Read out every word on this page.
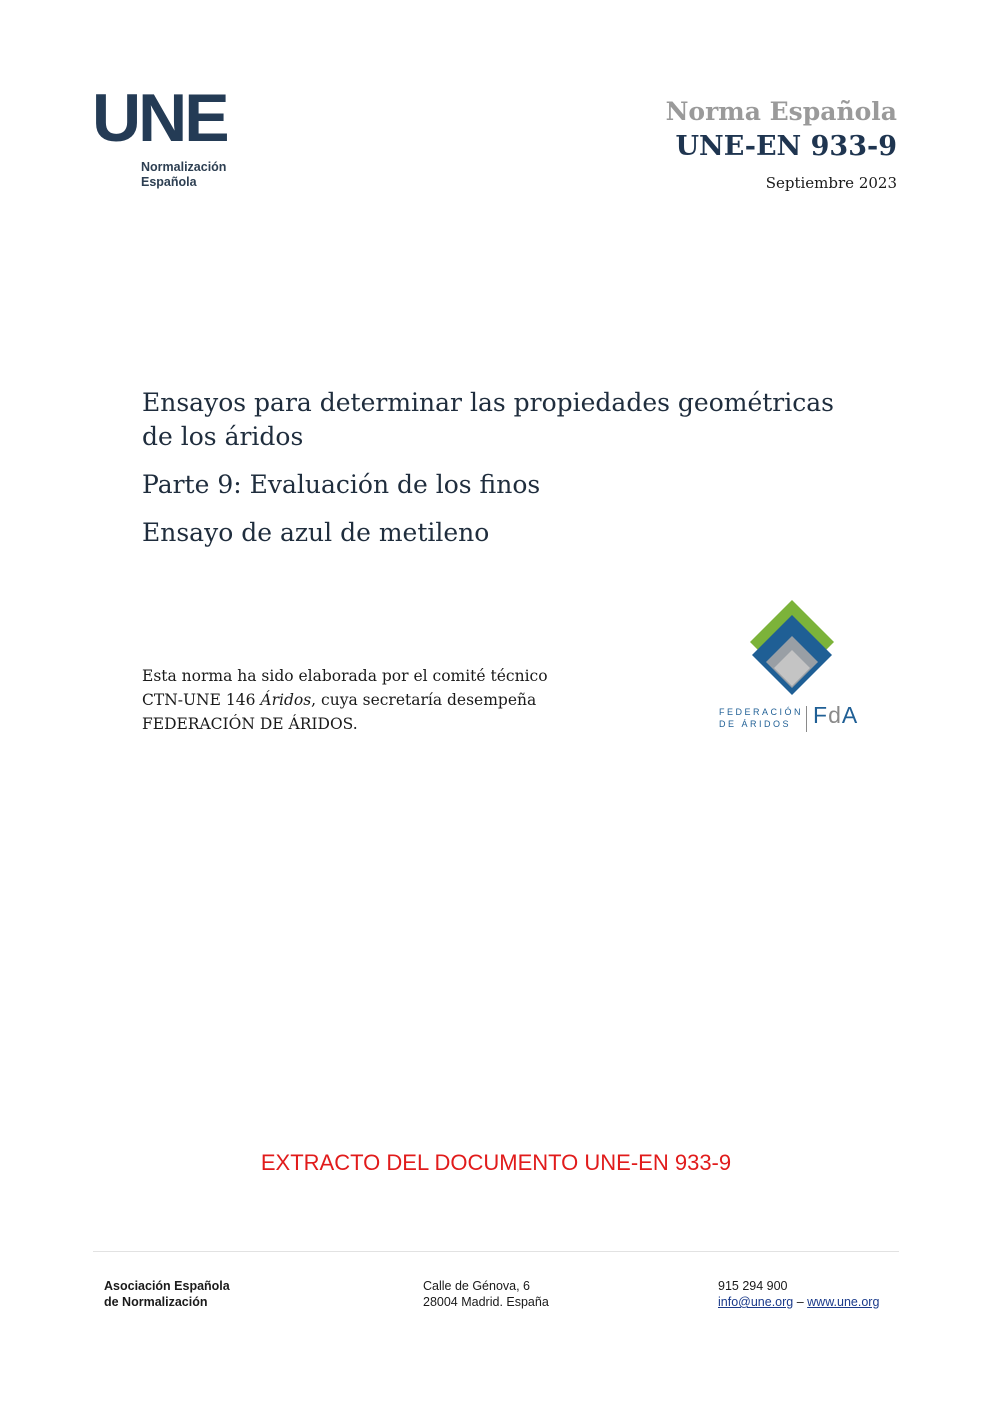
UNE
Normalización
Española
Norma Española
UNE-EN 933-9
Septiembre 2023

Ensayos para determinar las propiedades geométricas
de los áridos

Parte 9: Evaluación de los finos

Ensayo de azul de metileno

Esta norma ha sido elaborada por el comité técnico
CTN-UNE 146 Áridos, cuya secretaría desempeña
FEDERACIÓN DE ÁRIDOS.
FEDERACIÓN
DE ÁRIDOS FdA
EXTRACTO DEL DOCUMENTO UNE-EN 933-9
Asociación Española
de Normalización
Calle de Génova, 6
28004 Madrid. España
915 294 900
info@une.org – www.une.org
